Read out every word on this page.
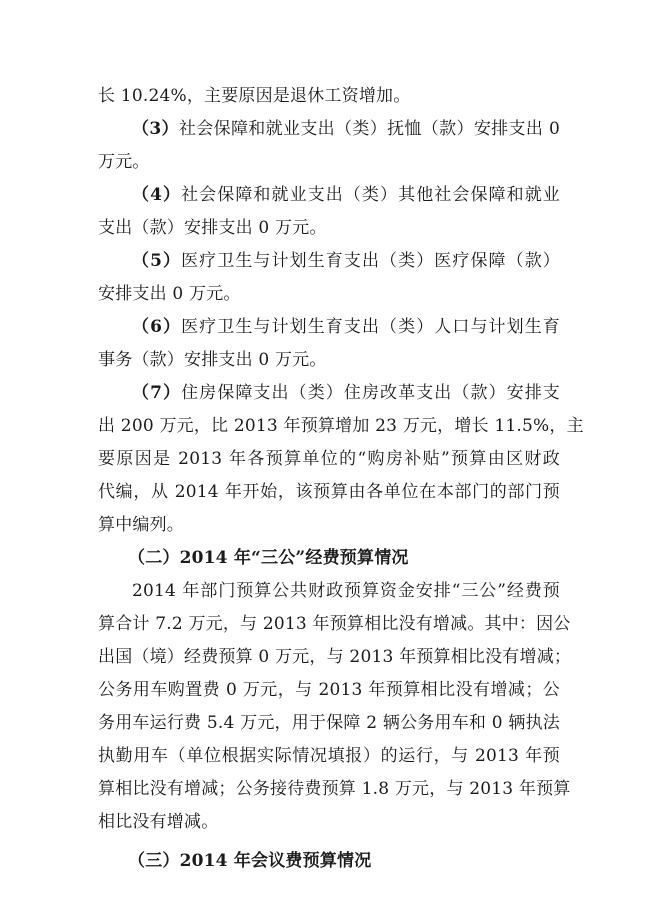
长 10.24%，主要原因是退休工资增加。

（3）社会保障和就业支出（类）抚恤（款）安排支出 0

万元。

（4）社会保障和就业支出（类）其他社会保障和就业

支出（款）安排支出 0 万元。

（5）医疗卫生与计划生育支出（类）医疗保障（款）

安排支出 0 万元。

（6）医疗卫生与计划生育支出（类）人口与计划生育

事务（款）安排支出 0 万元。

（7）住房保障支出（类）住房改革支出（款）安排支

出 200 万元，比 2013 年预算增加 23 万元，增长 11.5%，主

要原因是 2013 年各预算单位的“购房补贴”预算由区财政

代编，从 2014 年开始，该预算由各单位在本部门的部门预

算中编列。

（二）2014 年“三公”经费预算情况

2014 年部门预算公共财政预算资金安排“三公”经费预

算合计 7.2 万元，与 2013 年预算相比没有增减。其中：因公

出国（境）经费预算 0 万元，与 2013 年预算相比没有增减；

公务用车购置费 0 万元，与 2013 年预算相比没有增减；公

务用车运行费 5.4 万元，用于保障 2 辆公务用车和 0 辆执法

执勤用车（单位根据实际情况填报）的运行，与 2013 年预

算相比没有增减；公务接待费预算 1.8 万元，与 2013 年预算

相比没有增减。

（三）2014 年会议费预算情况
